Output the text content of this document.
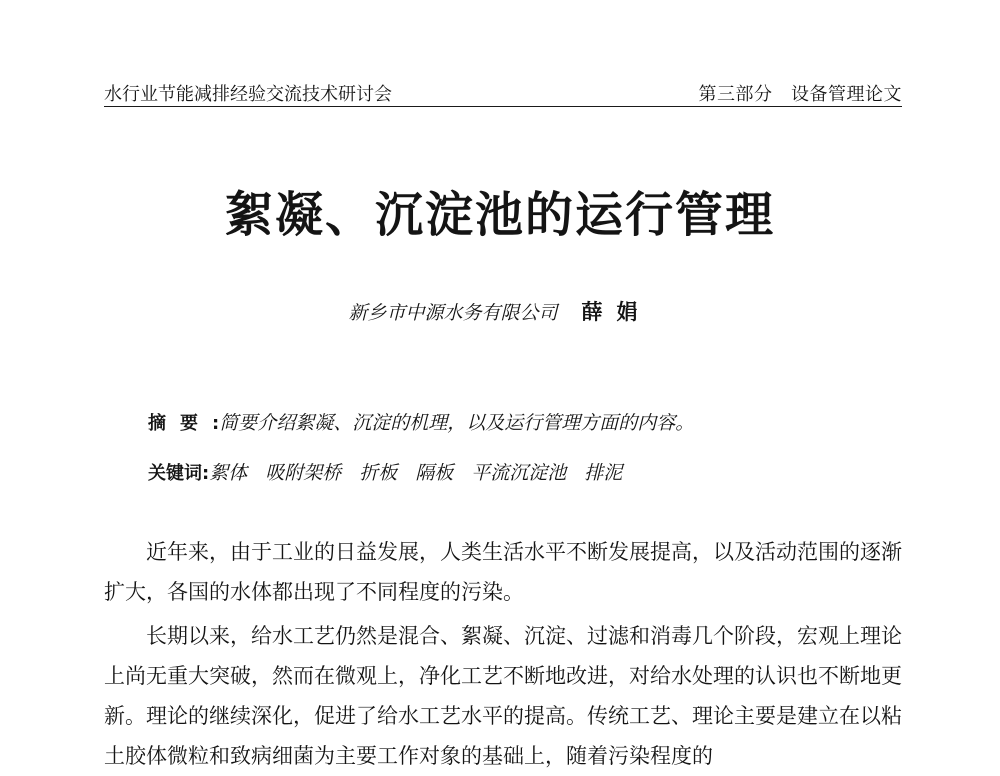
水行业节能减排经验交流技术研讨会	第三部分　设备管理论文
絮凝、沉淀池的运行管理
新乡市中源水务有限公司 薛娟
摘要:简要介绍絮凝、沉淀的机理，以及运行管理方面的内容。
关键词:絮体 吸附架桥 折板 隔板 平流沉淀池 排泥

近年来，由于工业的日益发展，人类生活水平不断发展提高，以及活动范围的逐渐扩大，各国的水体都出现了不同程度的污染。

长期以来，给水工艺仍然是混合、絮凝、沉淀、过滤和消毒几个阶段，宏观上理论上尚无重大突破，然而在微观上，净化工艺不断地改进，对给水处理的认识也不断地更新。理论的继续深化，促进了给水工艺水平的提高。传统工艺、理论主要是建立在以粘土胶体微粒和致病细菌为主要工作对象的基础上，随着污染程度的
